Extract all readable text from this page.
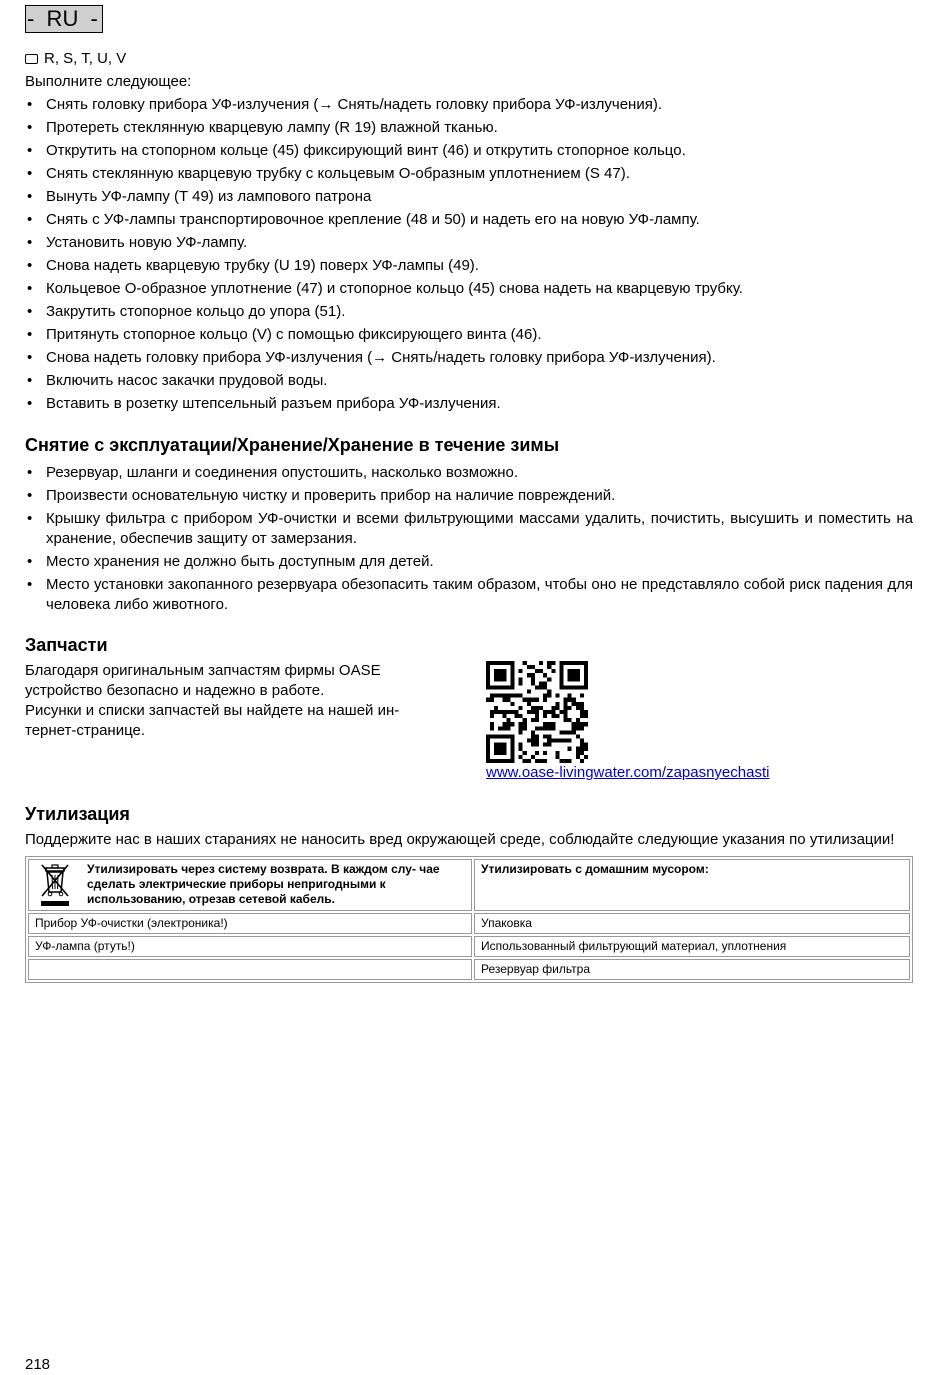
-  RU  -
R, S, T, U, V
Выполните следующее:
• Снять головку прибора УФ-излучения (→ Снять/надеть головку прибора УФ-излучения).
• Протереть стеклянную кварцевую лампу (R 19) влажной тканью.
• Открутить на стопорном кольце (45) фиксирующий винт (46) и открутить стопорное кольцо.
• Снять стеклянную кварцевую трубку с кольцевым О-образным уплотнением (S 47).
• Вынуть УФ-лампу (T 49) из лампового патрона
• Снять с УФ-лампы транспортировочное крепление (48 и 50) и надеть его на новую УФ-лампу.
• Установить новую УФ-лампу.
• Снова надеть кварцевую трубку (U 19) поверх УФ-лампы (49).
• Кольцевое О-образное уплотнение (47) и стопорное кольцо (45) снова надеть на кварцевую трубку.
• Закрутить стопорное кольцо до упора (51).
• Притянуть стопорное кольцо (V) с помощью фиксирующего винта (46).
• Снова надеть головку прибора УФ-излучения (→ Снять/надеть головку прибора УФ-излучения).
• Включить насос закачки прудовой воды.
• Вставить в розетку штепсельный разъем прибора УФ-излучения.
Снятие с эксплуатации/Хранение/Хранение в течение зимы
• Резервуар, шланги и соединения опустошить, насколько возможно.
• Произвести основательную чистку и проверить прибор на наличие повреждений.
• Крышку фильтра с прибором УФ-очистки и всеми фильтрующими массами удалить, почистить, высушить и поместить на хранение, обеспечив защиту от замерзания.
• Место хранения не должно быть доступным для детей.
• Место установки закопанного резервуара обезопасить таким образом, чтобы оно не представляло собой риск падения для человека либо животного.
Запчасти
Благодаря оригинальным запчастям фирмы OASE
устройство безопасно и надежно в работе.
Рисунки и списки запчастей вы найдете на нашей ин-
тернет-странице.
www.oase-livingwater.com/zapasnyechasti
Утилизация
Поддержите нас в наших стараниях не наносить вред окружающей среде, соблюдайте следующие указания по утилизации!
Утилизировать через систему возврата. В каждом слу- чае сделать электрические приборы непригодными к использованию, отрезав сетевой кабель.	Утилизировать с домашним мусором:
Прибор УФ-очистки (электроника!)	Упаковка
УФ-лампа (ртуть!)	Использованный фильтрующий материал, уплотнения
	Резервуар фильтра
218
